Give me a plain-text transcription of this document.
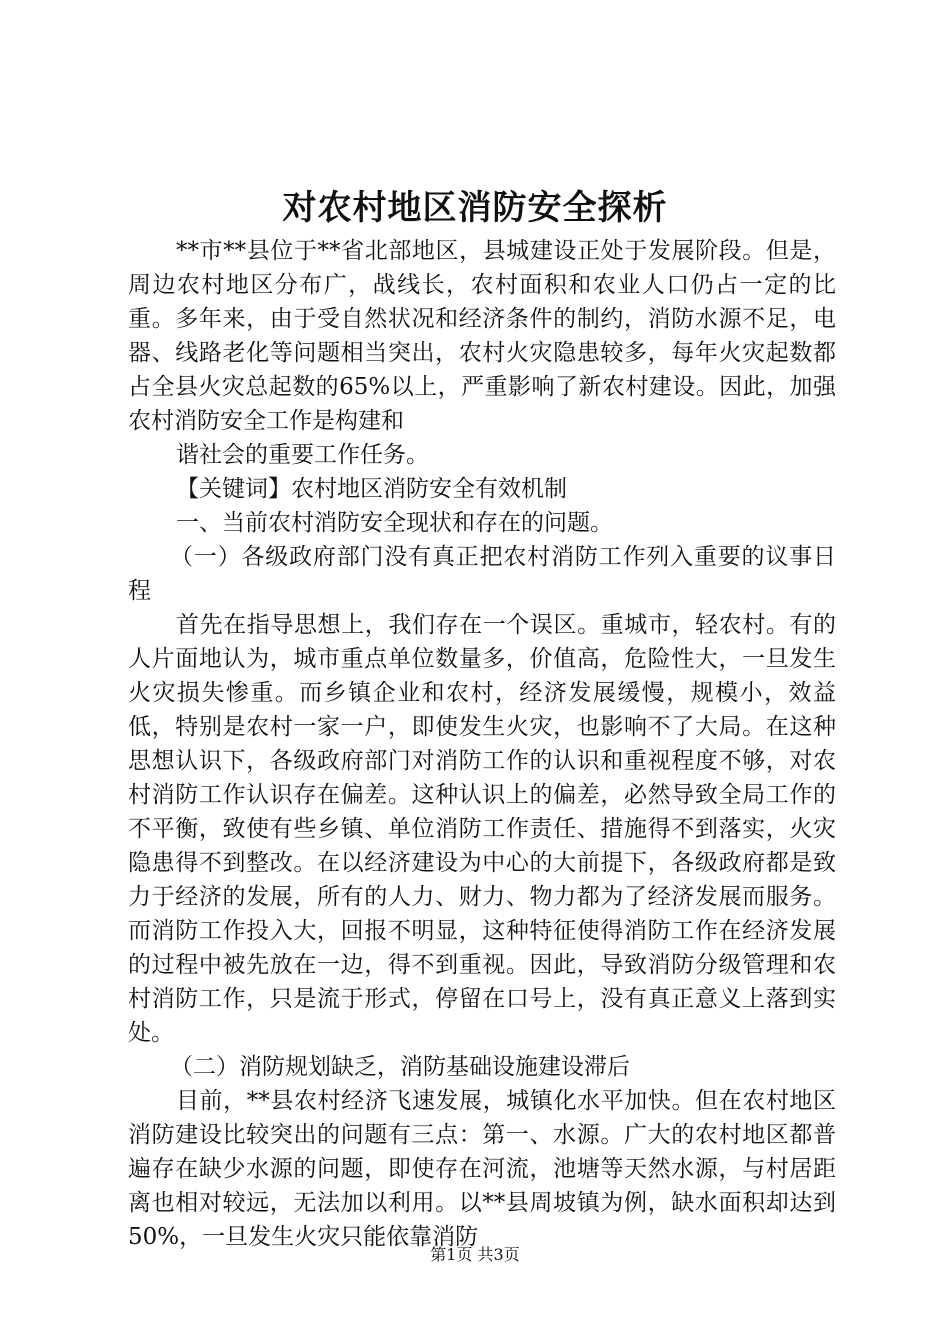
对农村地区消防安全探析

**市**县位于**省北部地区，县城建设正处于发展阶段。但是，周边农村地区分布广，战线长，农村面积和农业人口仍占一定的比重。多年来，由于受自然状况和经济条件的制约，消防水源不足，电器、线路老化等问题相当突出，农村火灾隐患较多，每年火灾起数都占全县火灾总起数的65%以上，严重影响了新农村建设。因此，加强农村消防安全工作是构建和

谐社会的重要工作任务。

【关键词】农村地区消防安全有效机制

一、当前农村消防安全现状和存在的问题。

（一）各级政府部门没有真正把农村消防工作列入重要的议事日程

首先在指导思想上，我们存在一个误区。重城市，轻农村。有的人片面地认为，城市重点单位数量多，价值高，危险性大，一旦发生火灾损失惨重。而乡镇企业和农村，经济发展缓慢，规模小，效益低，特别是农村一家一户，即使发生火灾，也影响不了大局。在这种思想认识下，各级政府部门对消防工作的认识和重视程度不够，对农村消防工作认识存在偏差。这种认识上的偏差，必然导致全局工作的不平衡，致使有些乡镇、单位消防工作责任、措施得不到落实，火灾隐患得不到整改。在以经济建设为中心的大前提下，各级政府都是致力于经济的发展，所有的人力、财力、物力都为了经济发展而服务。而消防工作投入大，回报不明显，这种特征使得消防工作在经济发展的过程中被先放在一边，得不到重视。因此，导致消防分级管理和农村消防工作，只是流于形式，停留在口号上，没有真正意义上落到实处。

（二）消防规划缺乏，消防基础设施建设滞后

目前，**县农村经济飞速发展，城镇化水平加快。但在农村地区消防建设比较突出的问题有三点：第一、水源。广大的农村地区都普遍存在缺少水源的问题，即使存在河流，池塘等天然水源，与村居距离也相对较远，无法加以利用。以**县周坡镇为例，缺水面积却达到50%，一旦发生火灾只能依靠消防

第1页 共3页
